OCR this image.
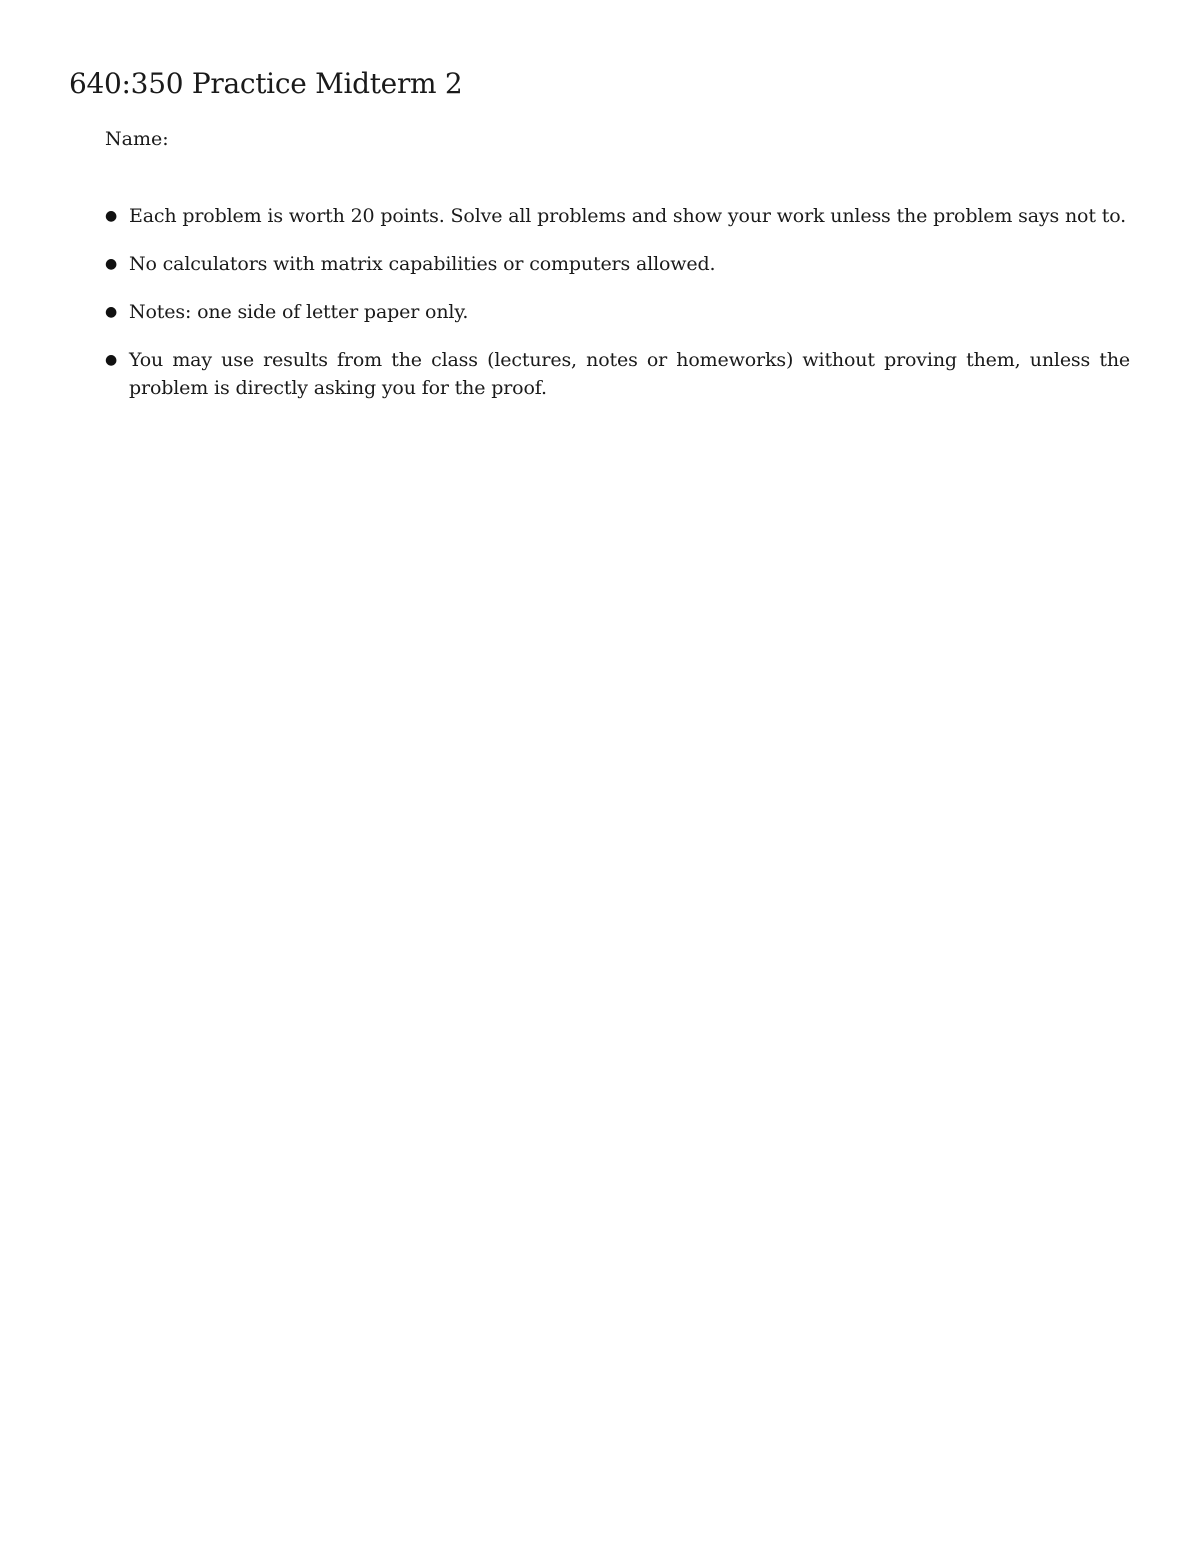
640:350 Practice Midterm 2
Name:
● Each problem is worth 20 points. Solve all problems and show your work unless the problem says not to.
● No calculators with matrix capabilities or computers allowed.
● Notes: one side of letter paper only.
● You may use results from the class (lectures, notes or homeworks) without proving them, unless the problem is directly asking you for the proof.
